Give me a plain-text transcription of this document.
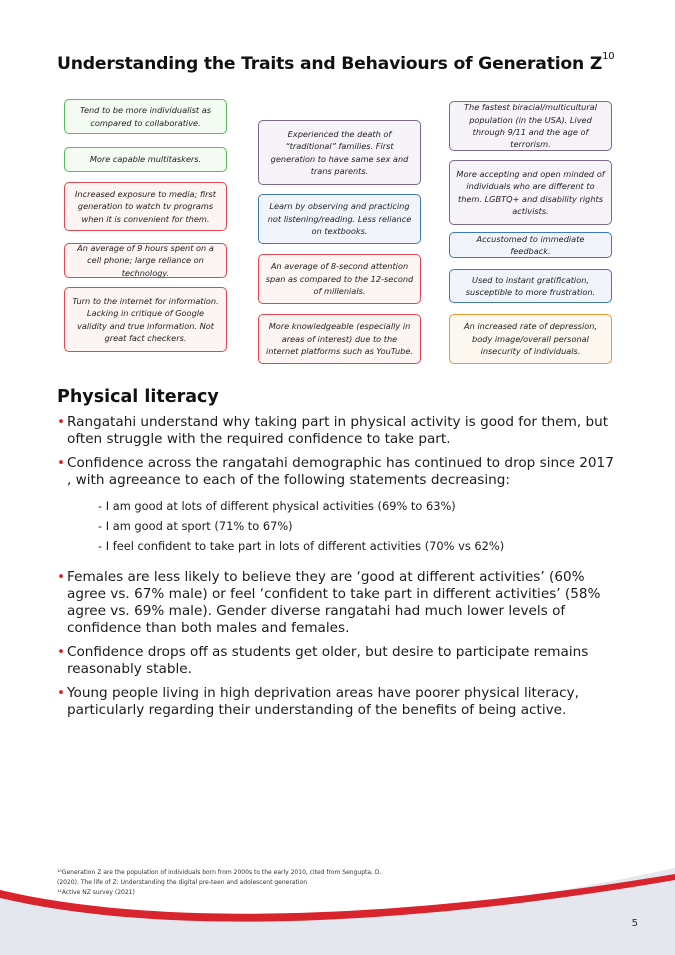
Understanding the Traits and Behaviours of Generation $Z^{10}$
Tend to be more individualist as compared to collaborative.
More capable multitaskers.
Increased exposure to media; first generation to watch tv programs when it is convenient for them.
An average of 9 hours spent on a cell phone; large reliance on technology.
Turn to the internet for information. Lacking in critique of Google validity and true information. Not great fact checkers.
Experienced the death of “traditional” families. First generation to have same sex and trans parents.
Learn by observing and practicing not listening/reading. Less reliance on textbooks.
An average of 8-second attention span as compared to the 12-second of millenials.
More knowledgeable (especially in areas of interest) due to the internet platforms such as YouTube.
The fastest biracial/multicultural population (in the USA). Lived through 9/11 and the age of terrorism.
More accepting and open minded of individuals who are different to them. LGBTQ+ and disability rights activists.
Accustomed to immediate feedback.
Used to instant gratification, susceptible to more frustration.
An increased rate of depression, body image/overall personal insecurity of individuals.
Physical literacy
• Rangatahi understand why taking part in physical activity is good for them, but often struggle with the required confidence to take part.
• Confidence across the rangatahi demographic has continued to drop since 2017 , with agreeance to each of the following statements decreasing:
- I am good at lots of different physical activities (69% to 63%)
- I am good at sport (71% to 67%)
- I feel confident to take part in lots of different activities (70% vs 62%)
• Females are less likely to believe they are ‘good at different activities’ (60% agree vs. 67% male) or feel ‘confident to take part in different activities’ (58% agree vs. 69% male). Gender diverse rangatahi had much lower levels of confidence than both males and females.
• Confidence drops off as students get older, but desire to participate remains reasonably stable.
• Young people living in high deprivation areas have poorer physical literacy, particularly regarding their understanding of the benefits of being active.
¹⁰Generation Z are the population of individuals born from 2000s to the early 2010, cited from Sengupta, D.
(2020). The life of Z: Understanding the digital pre-teen and adolescent generation
¹¹Active NZ survey (2021)
5
